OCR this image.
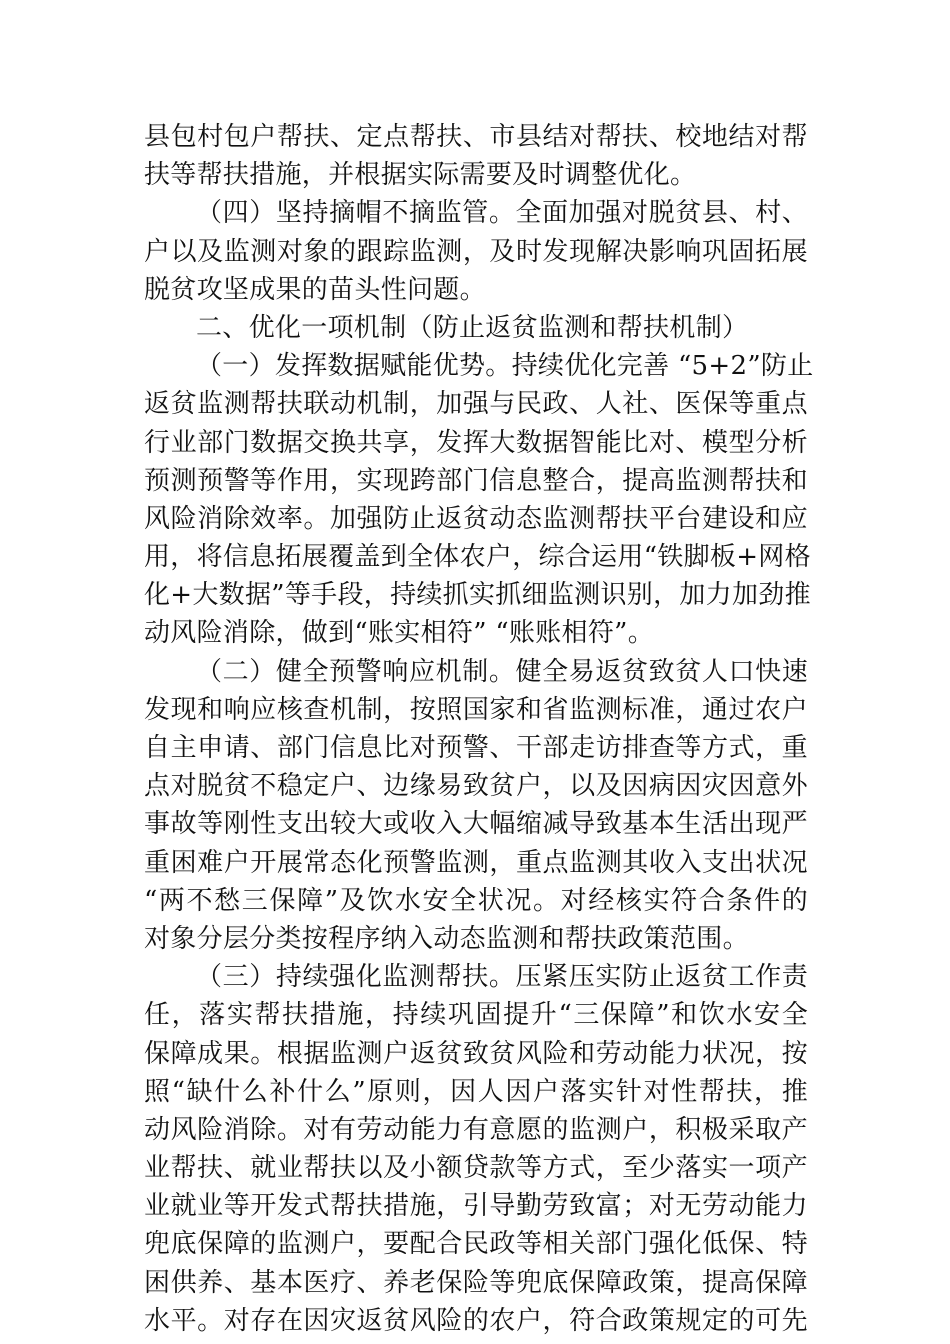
县包村包户帮扶、定点帮扶、市县结对帮扶、校地结对帮
扶等帮扶措施，并根据实际需要及时调整优化。
（四）坚持摘帽不摘监管。全面加强对脱贫县、村、
户以及监测对象的跟踪监测，及时发现解决影响巩固拓展
脱贫攻坚成果的苗头性问题。
二、优化一项机制（防止返贫监测和帮扶机制）
（一）发挥数据赋能优势。持续优化完善 “5+2”防止
返贫监测帮扶联动机制，加强与民政、人社、医保等重点
行业部门数据交换共享，发挥大数据智能比对、模型分析
预测预警等作用，实现跨部门信息整合，提高监测帮扶和
风险消除效率。加强防止返贫动态监测帮扶平台建设和应
用，将信息拓展覆盖到全体农户，综合运用“铁脚板+网格
化+大数据”等手段，持续抓实抓细监测识别，加力加劲推
动风险消除，做到“账实相符” “账账相符”。
（二）健全预警响应机制。健全易返贫致贫人口快速
发现和响应核查机制，按照国家和省监测标准，通过农户
自主申请、部门信息比对预警、干部走访排查等方式，重
点对脱贫不稳定户、边缘易致贫户，以及因病因灾因意外
事故等刚性支出较大或收入大幅缩减导致基本生活出现严
重困难户开展常态化预警监测，重点监测其收入支出状况
“两不愁三保障”及饮水安全状况。对经核实符合条件的
对象分层分类按程序纳入动态监测和帮扶政策范围。
（三）持续强化监测帮扶。压紧压实防止返贫工作责
任，落实帮扶措施，持续巩固提升“三保障”和饮水安全
保障成果。根据监测户返贫致贫风险和劳动能力状况，按
照“缺什么补什么”原则，因人因户落实针对性帮扶，推
动风险消除。对有劳动能力有意愿的监测户，积极采取产
业帮扶、就业帮扶以及小额贷款等方式，至少落实一项产
业就业等开发式帮扶措施，引导勤劳致富；对无劳动能力
兜底保障的监测户，要配合民政等相关部门强化低保、特
困供养、基本医疗、养老保险等兜底保障政策，提高保障
水平。对存在因灾返贫风险的农户，符合政策规定的可先
